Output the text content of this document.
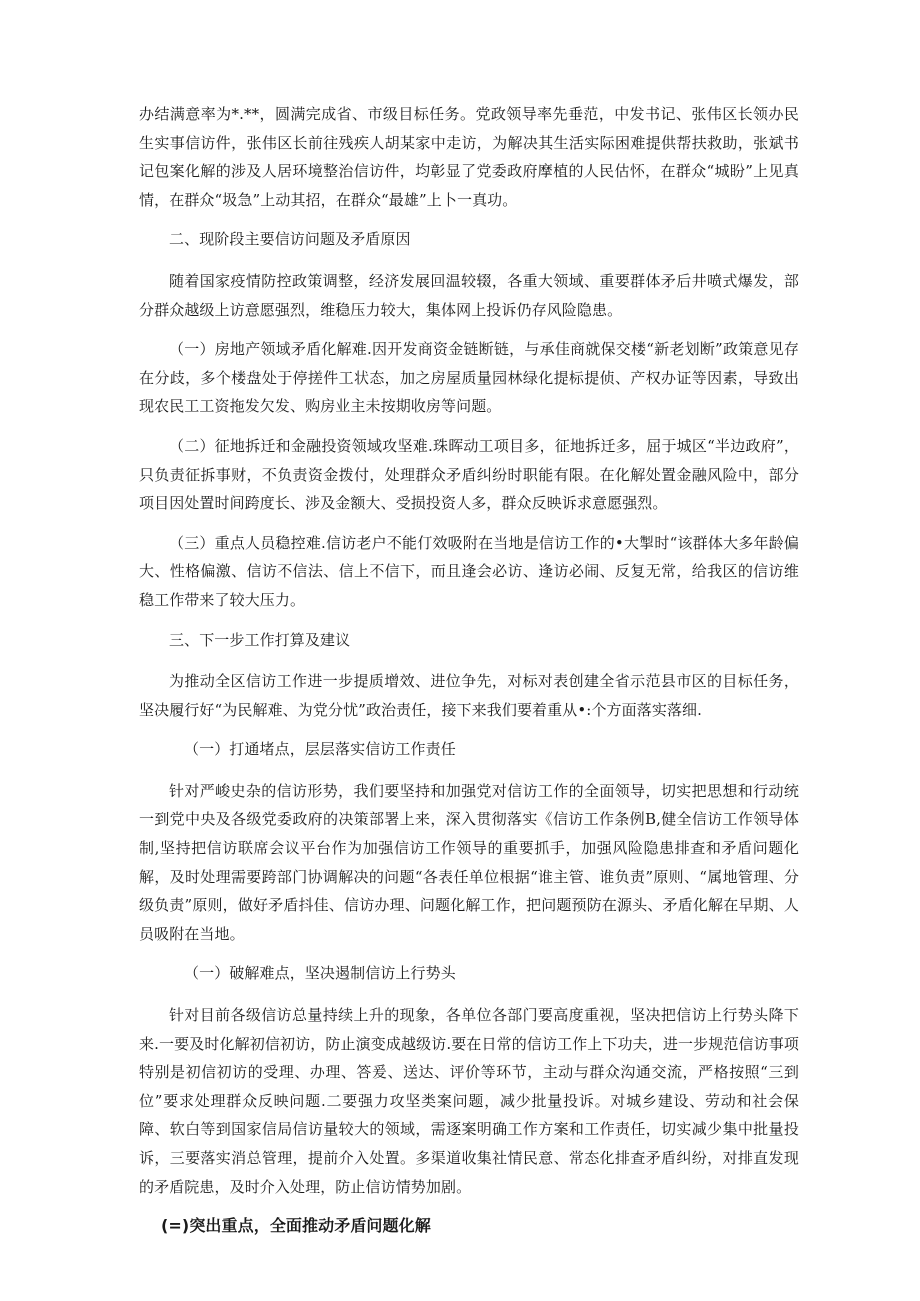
办结满意率为*.**，圆满完成省、市级目标任务。党政领导率先垂范，中发书记、张伟区长领办民生实事信访件，张伟区长前往残疾人胡某家中走访，为解决其生活实际困难提供帮扶救助，张斌书记包案化解的涉及人居环境整治信访件，均彰显了党委政府摩植的人民估怀，在群众“城盼”上见真情，在群众“圾急”上动其招，在群众“最雄”上卜一真功。

二、现阶段主要信访问题及矛盾原因

随着国家疫情防控政策调整，经济发展回温较辍，各重大领域、重要群体矛后井喷式爆发，部分群众越级上访意愿强烈，维稳压力较大，集体网上投诉仍存风险隐患。

（一）房地产领域矛盾化解难.因开发商资金链断链，与承佳商就保交楼“新老划断”政策意见存在分歧，多个楼盘处于停搓件工状态，加之房屋质量园林绿化提标提侦、产权办证等因素，导致出现农民工工资拖发欠发、购房业主未按期收房等问题。

（二）征地拆迁和金融投资领域攻坚难.珠晖动工项目多，征地拆迁多，屈于城区“半边政府”，只负责征拆事财，不负责资金拨付，处理群众矛盾纠纷时职能有限。在化解处置金融风险中，部分项目因处置时间跨度长、涉及金额大、受损投资人多，群众反映诉求意愿强烈。

（三）重点人员稳控难.信访老户不能仃效吸附在当地是信访工作的•大掣时“该群体大多年龄偏大、性格偏激、信访不信法、信上不信下，而且逢会必访、逢访必闹、反复无常，给我区的信访维稳工作带来了较大压力。

三、下一步工作打算及建议

为推动全区信访工作进一步提质增效、进位争先，对标对表创建全省示范县市区的目标任务，坚决履行好“为民解难、为党分忧”政治责任，接下来我们要着重从•:个方面落实落细.

（一）打通堵点，层层落实信访工作责任

针对严峻史杂的信访形势，我们要坚持和加强党对信访工作的全面领导，切实把思想和行动统一到党中央及各级党委政府的决策部署上来，深入贯彻落实《信访工作条例B,健全信访工作领导体制,坚持把信访联席会议平台作为加强信访工作领导的重要抓手，加强风险隐患排查和矛盾问题化解，及时处理需要跨部门协调解决的问题“各表任单位根据“谁主管、谁负责”原则、“属地管理、分级负责”原则，做好矛盾抖佳、信访办理、问题化解工作，把问题预防在源头、矛盾化解在早期、人员吸附在当地。

（一）破解难点，坚决遏制信访上行势头

针对目前各级信访总量持续上升的现象，各单位各部门要高度重视，坚决把信访上行势头降下来.一要及时化解初信初访，防止演变成越级访.要在日常的信访工作上下功夫，进一步规范信访事项特别是初信初访的受理、办理、答爰、送达、评价等环节，主动与群众沟通交流，严格按照“三到位”要求处理群众反映问题.二要强力攻坚类案问题，减少批量投诉。对城乡建设、劳动和社会保障、软白等到国家信局信访量较大的领域，需逐案明确工作方案和工作责任，切实减少集中批量投诉，三要落实消总管理，提前介入处置。多渠道收集社情民意、常态化排查矛盾纠纷，对排直发现的矛盾院患，及时介入处理，防止信访情势加剧。

(=)突出重点，全面推动矛盾问题化解
